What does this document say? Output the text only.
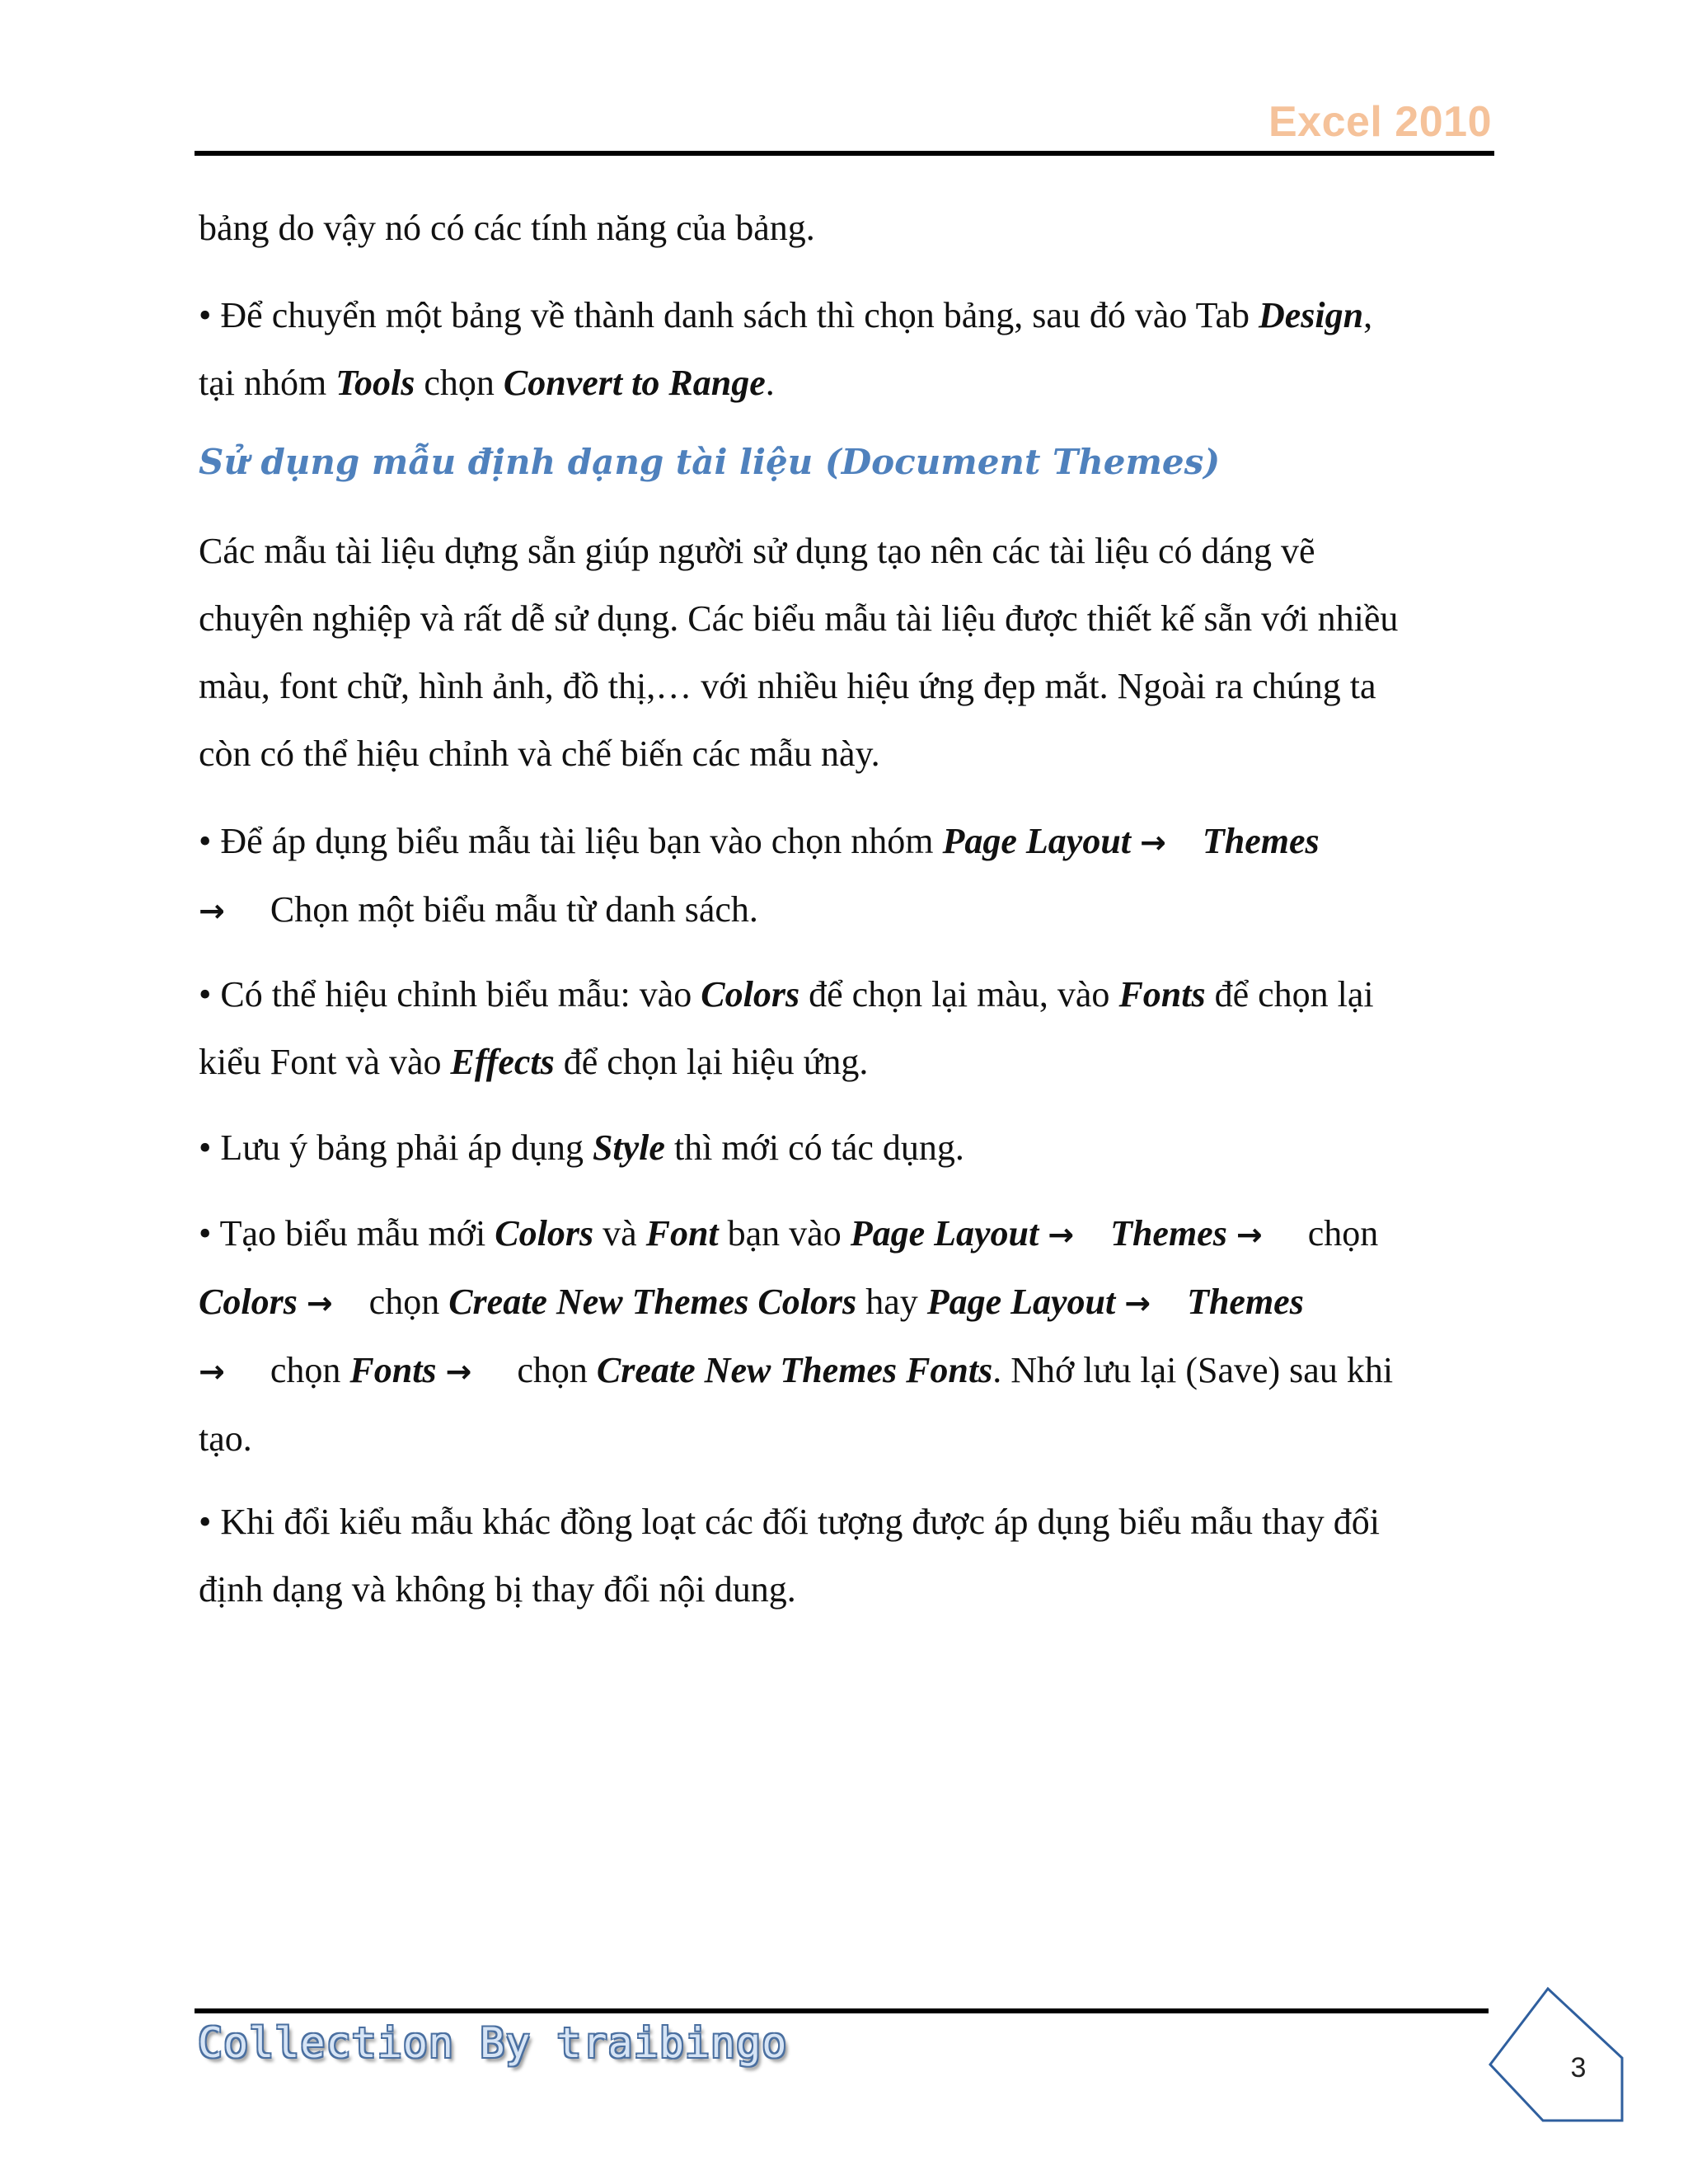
Excel 2010

bảng do vậy nó có các tính năng của bảng.

• Để chuyển một bảng về thành danh sách thì chọn bảng, sau đó vào Tab Design,
tại nhóm Tools chọn Convert to Range.

Sử dụng mẫu định dạng tài liệu (Document Themes)

Các mẫu tài liệu dựng sẵn giúp người sử dụng tạo nên các tài liệu có dáng vẽ
chuyên nghiệp và rất dễ sử dụng. Các biểu mẫu tài liệu được thiết kế sẵn với nhiều
màu, font chữ, hình ảnh, đồ thị,… với nhiều hiệu ứng đẹp mắt. Ngoài ra chúng ta
còn có thể hiệu chỉnh và chế biến các mẫu này.

• Để áp dụng biểu mẫu tài liệu bạn vào chọn nhóm Page Layout → Themes
→ Chọn một biểu mẫu từ danh sách.

• Có thể hiệu chỉnh biểu mẫu: vào Colors để chọn lại màu, vào Fonts để chọn lại
kiểu Font và vào Effects để chọn lại hiệu ứng.

• Lưu ý bảng phải áp dụng Style thì mới có tác dụng.

• Tạo biểu mẫu mới Colors và Font bạn vào Page Layout → Themes → chọn
Colors → chọn Create New Themes Colors hay Page Layout → Themes
→ chọn Fonts → chọn Create New Themes Fonts. Nhớ lưu lại (Save) sau khi
tạo.

• Khi đổi kiểu mẫu khác đồng loạt các đối tượng được áp dụng biểu mẫu thay đổi
định dạng và không bị thay đổi nội dung.

Collection By traibingo
3
